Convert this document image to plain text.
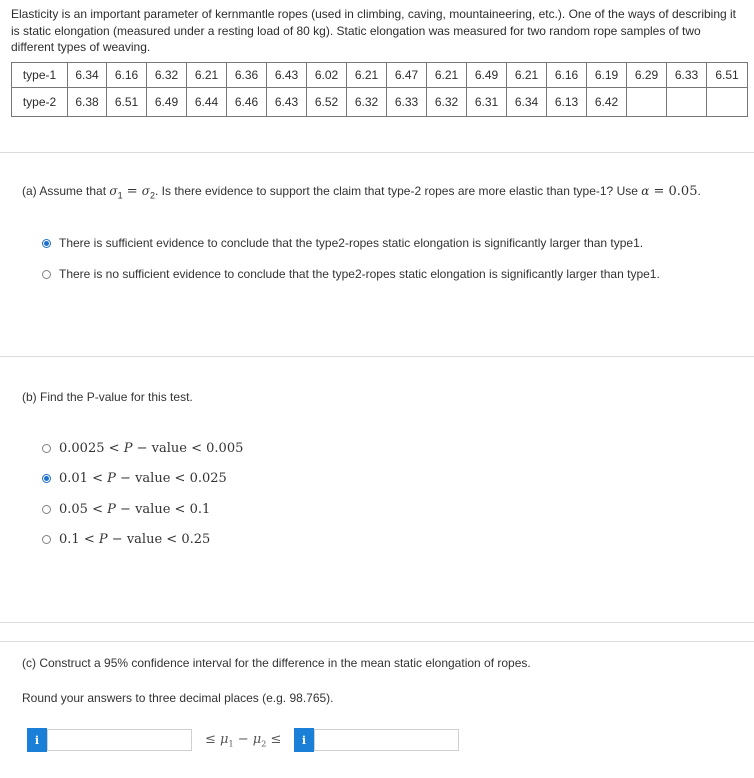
Elasticity is an important parameter of kernmantle ropes (used in climbing, caving, mountaineering, etc.). One of the ways of describing it is static elongation (measured under a resting load of 80 kg). Static elongation was measured for two random rope samples of two different types of weaving.
type-1	6.34	6.16	6.32	6.21	6.36	6.43	6.02	6.21	6.47	6.21	6.49	6.21	6.16	6.19	6.29	6.33	6.51
type-2	6.38	6.51	6.49	6.44	6.46	6.43	6.52	6.32	6.33	6.32	6.31	6.34	6.13	6.42			
(a) Assume that $\sigma_1 = \sigma_2$. Is there evidence to support the claim that type-2 ropes are more elastic than type-1? Use α = 0.05.
There is sufficient evidence to conclude that the type2-ropes static elongation is significantly larger than type1.
There is no sufficient evidence to conclude that the type2-ropes static elongation is significantly larger than type1.
(b) Find the P-value for this test.
0.0025 < P − value < 0.005
0.01 < P − value < 0.025
0.05 < P − value < 0.1
0.1 < P − value < 0.25
(c) Construct a 95% confidence interval for the difference in the mean static elongation of ropes.
Round your answers to three decimal places (e.g. 98.765).
i	≤ $\mu_1 - \mu_2$ ≤	i
